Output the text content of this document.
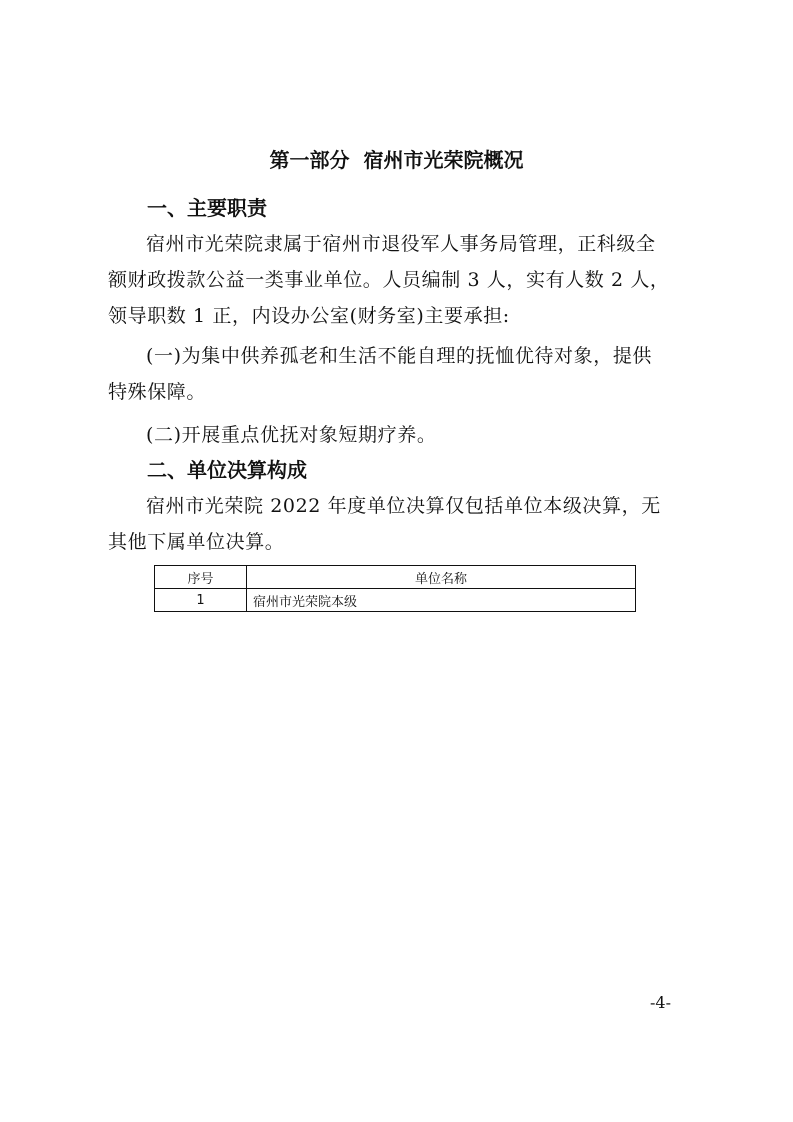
第一部分  宿州市光荣院概况
一、主要职责
宿州市光荣院隶属于宿州市退役军人事务局管理，正科级全
额财政拨款公益一类事业单位。人员编制 3 人，实有人数 2 人，
领导职数 1 正，内设办公室(财务室)主要承担:
(一)为集中供养孤老和生活不能自理的抚恤优待对象，提供
特殊保障。
(二)开展重点优抚对象短期疗养。
二、单位决算构成
宿州市光荣院 2022 年度单位决算仅包括单位本级决算，无
其他下属单位决算。
序号	单位名称
1	宿州市光荣院本级
-4-
